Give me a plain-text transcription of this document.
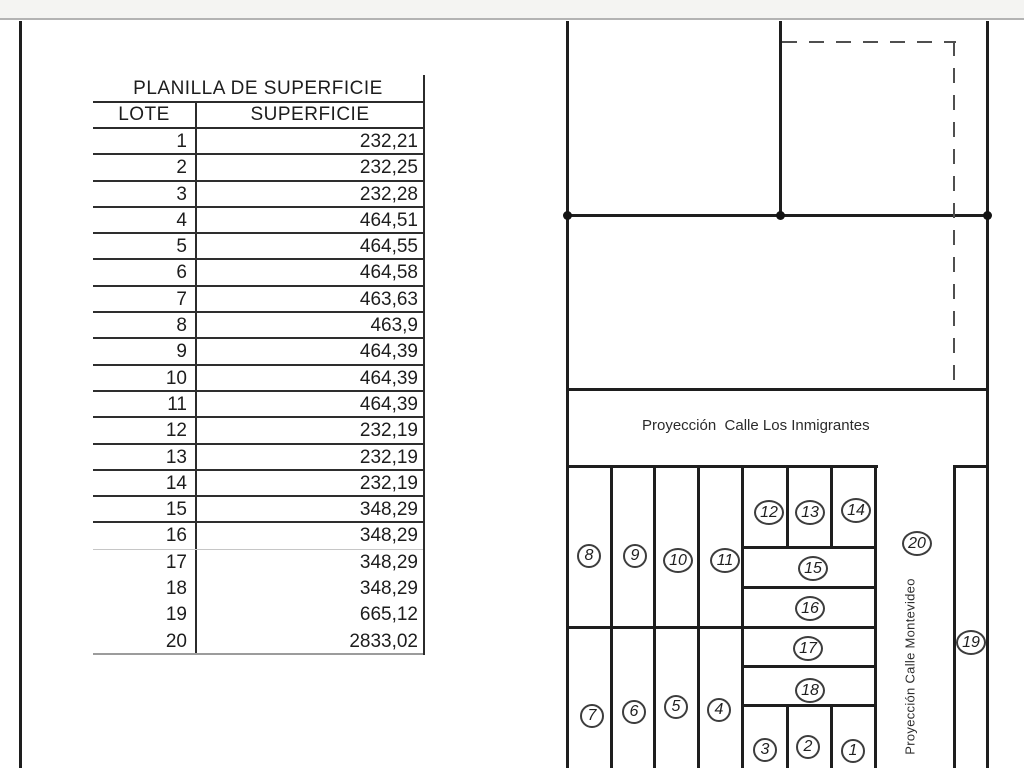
Proyección  Calle Los Inmigrantes
Proyección Calle Montevideo
1
2
3
4
5
6
7
8	9	10	11
12	13	14
15
16
17
18
19
20
PLANILLA DE SUPERFICIE
LOTE	SUPERFICIE
1	232,21
2	232,25
3	232,28
4	464,51
5	464,55
6	464,58
7	463,63
8	463,9
9	464,39
10	464,39
11	464,39
12	232,19
13	232,19
14	232,19
15	348,29
16	348,29
17	348,29
18	348,29
19	665,12
20	2833,02
